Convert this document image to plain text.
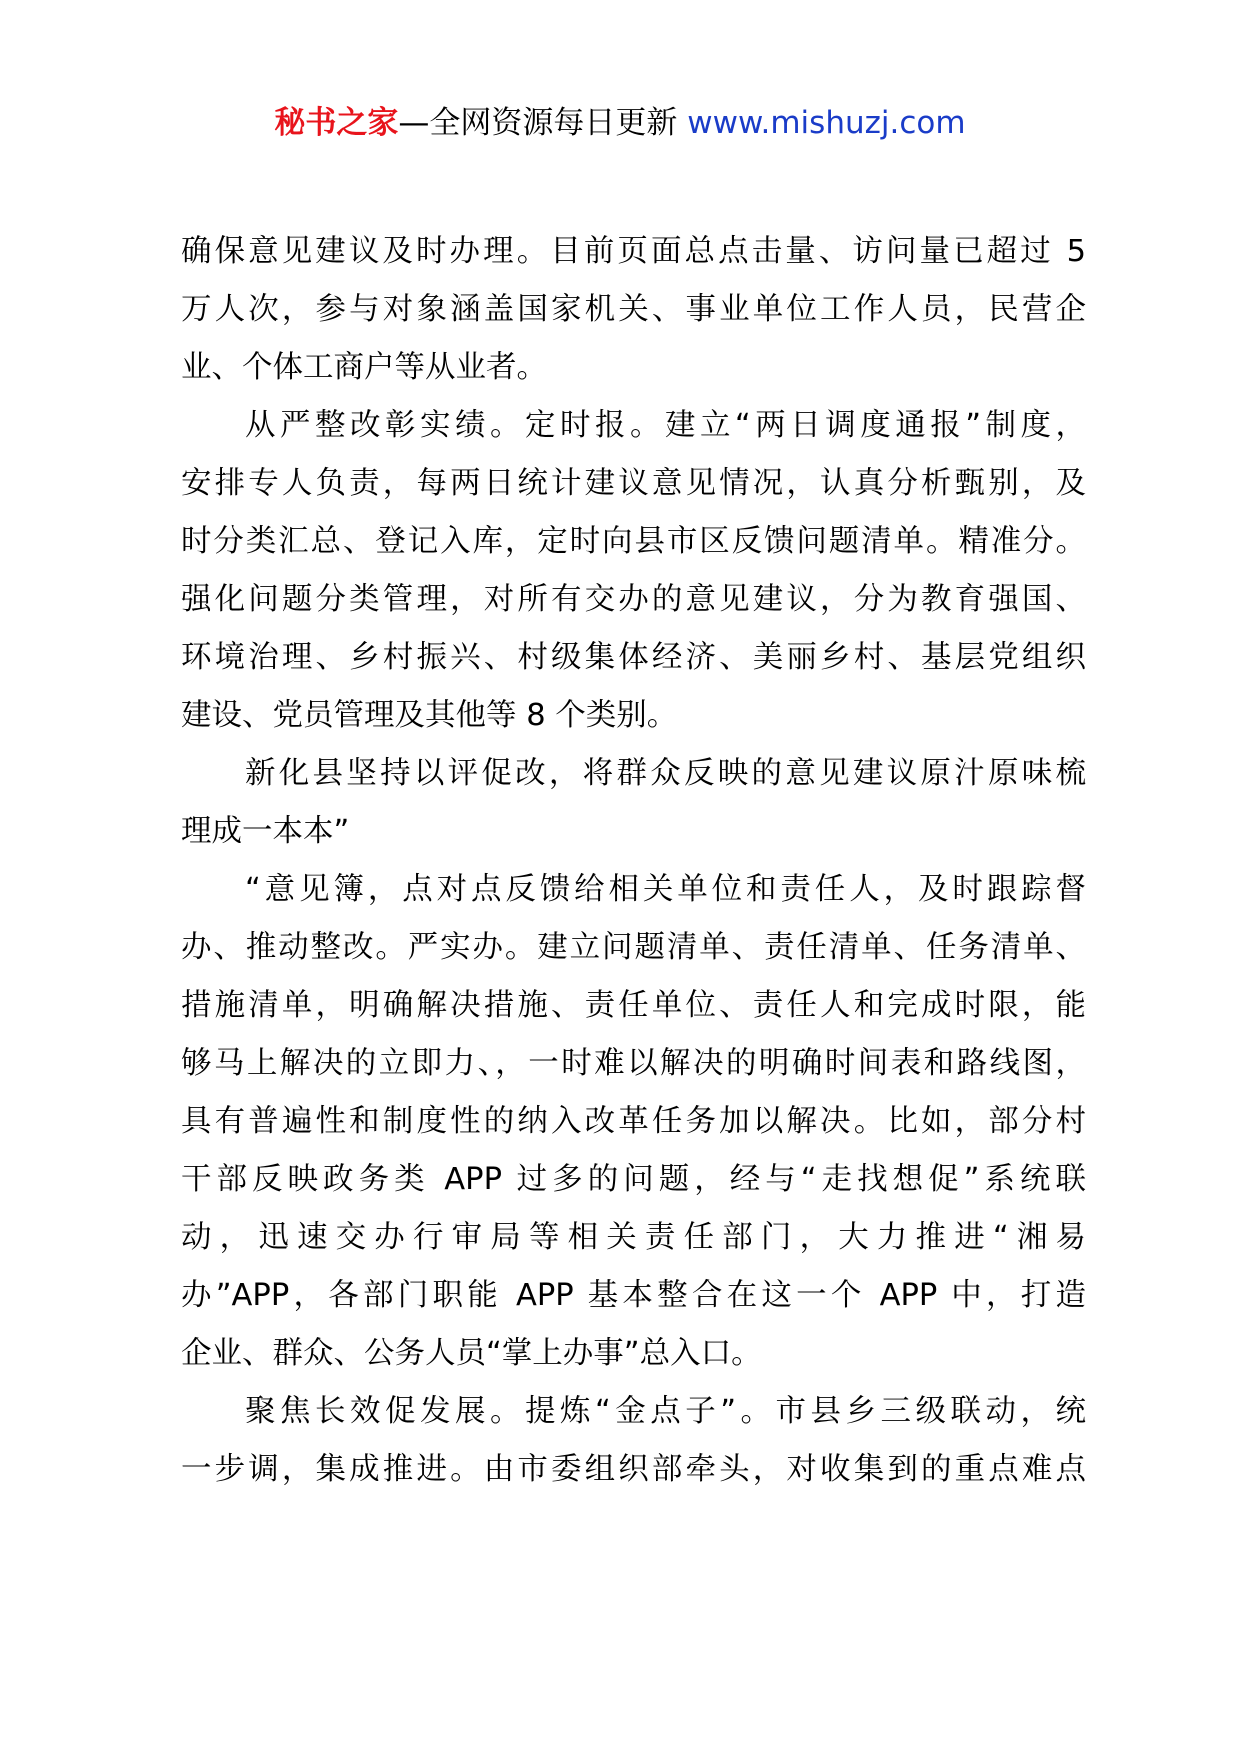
秘书之家—全网资源每日更新 www.mishuzj.com
确保意见建议及时办理。目前页面总点击量、访问量已超过 5
万人次，参与对象涵盖国家机关、事业单位工作人员，民营企
业、个体工商户等从业者。
从严整改彰实绩。定时报。建立“两日调度通报”制度，
安排专人负责，每两日统计建议意见情况，认真分析甄别，及
时分类汇总、登记入库，定时向县市区反馈问题清单。精准分。
强化问题分类管理，对所有交办的意见建议，分为教育强国、
环境治理、乡村振兴、村级集体经济、美丽乡村、基层党组织
建设、党员管理及其他等 8 个类别。
新化县坚持以评促改，将群众反映的意见建议原汁原味梳
理成一本本”
“意见簿，点对点反馈给相关单位和责任人，及时跟踪督
办、推动整改。严实办。建立问题清单、责任清单、任务清单、
措施清单，明确解决措施、责任单位、责任人和完成时限，能
够马上解决的立即力、，一时难以解决的明确时间表和路线图，
具有普遍性和制度性的纳入改革任务加以解决。比如，部分村
干部反映政务类 APP 过多的问题，经与“走找想促”系统联
动，迅速交办行审局等相关责任部门，大力推进“湘易
办”APP，各部门职能 APP 基本整合在这一个 APP 中，打造
企业、群众、公务人员“掌上办事”总入口。
聚焦长效促发展。提炼“金点子”。市县乡三级联动，统
一步调，集成推进。由市委组织部牵头，对收集到的重点难点
